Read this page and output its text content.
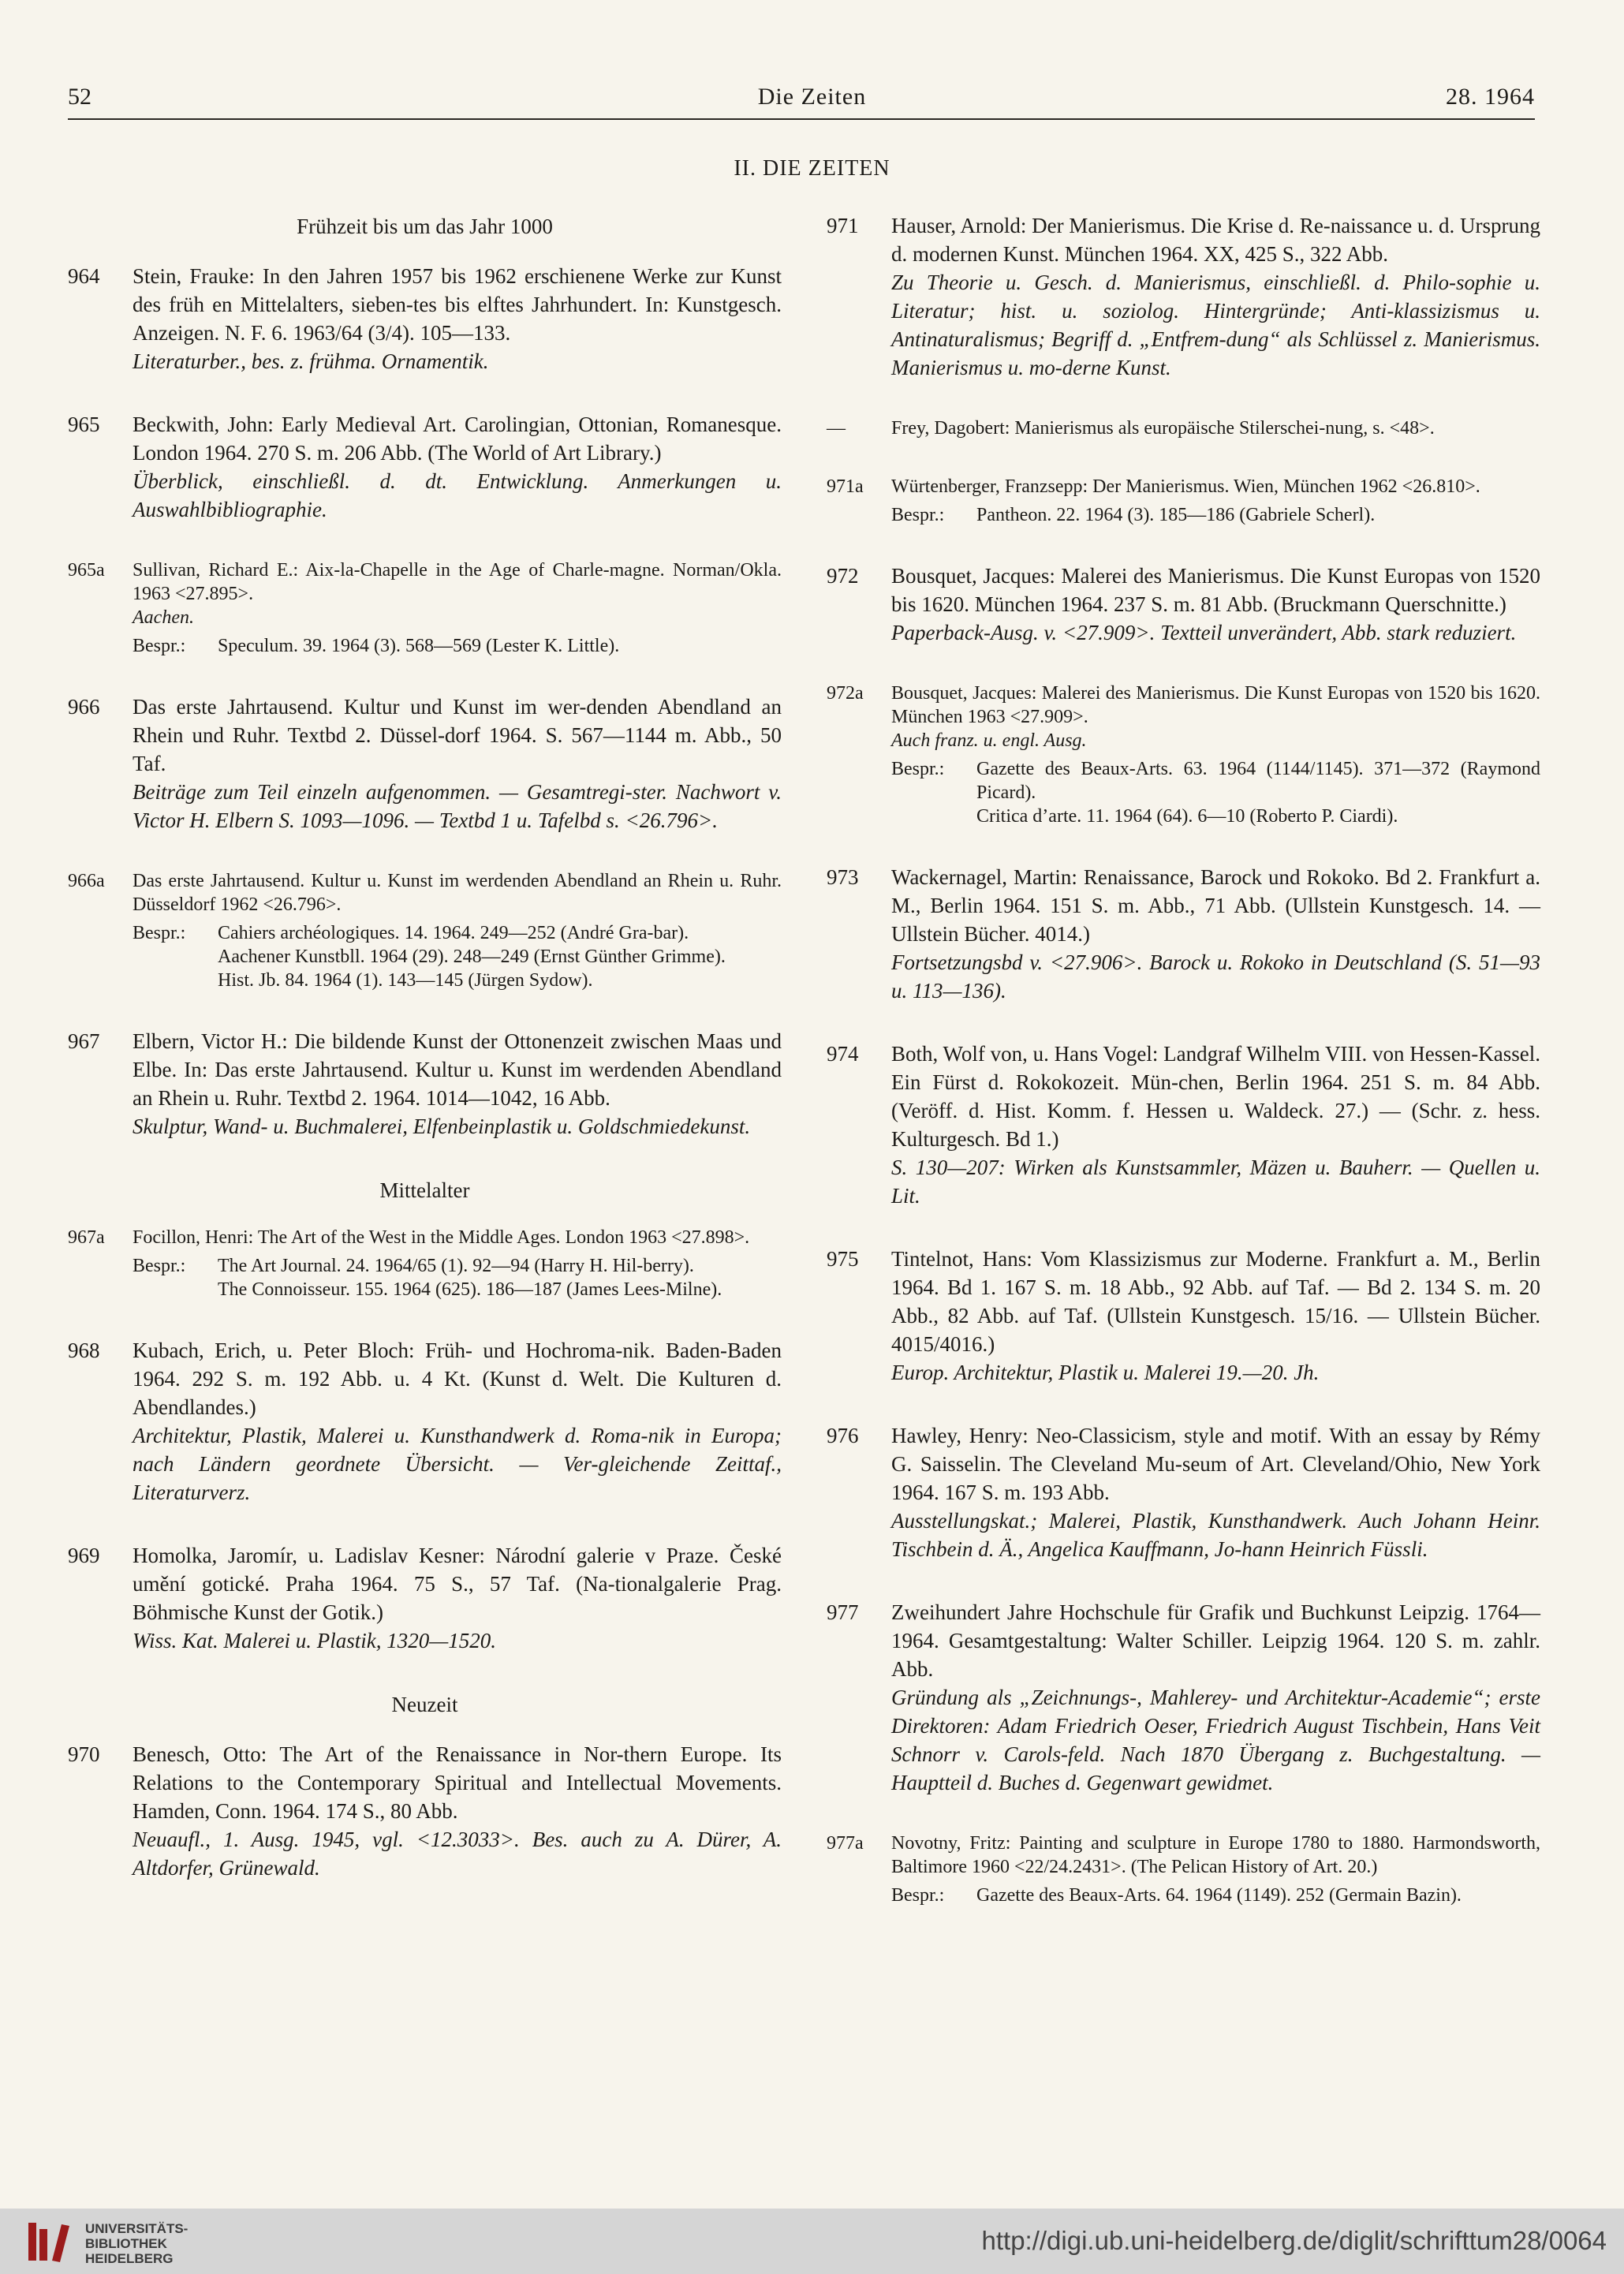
52	Die Zeiten	28. 1964
II. DIE ZEITEN
Frühzeit bis um das Jahr 1000
964	Stein, Frauke: In den Jahren 1957 bis 1962 erschienene Werke zur Kunst des früh en Mittelalters, sieben-tes bis elftes Jahrhundert. In: Kunstgesch. Anzeigen. N. F. 6. 1963/64 (3/4). 105—133.
Literaturber., bes. z. frühma. Ornamentik.
965	Beckwith, John: Early Medieval Art. Carolingian, Ottonian, Romanesque. London 1964. 270 S. m. 206 Abb. (The World of Art Library.)
Überblick, einschließl. d. dt. Entwicklung. Anmerkungen u. Auswahlbibliographie.
965a	Sullivan, Richard E.: Aix-la-Chapelle in the Age of Charle-magne. Norman/Okla. 1963 <27.895>.
Aachen.
Bespr.:	Speculum. 39. 1964 (3). 568—569 (Lester K. Little).
966	Das erste Jahrtausend. Kultur und Kunst im wer-denden Abendland an Rhein und Ruhr. Textbd 2. Düssel-dorf 1964. S. 567—1144 m. Abb., 50 Taf.
Beiträge zum Teil einzeln aufgenommen. — Gesamtregi-ster. Nachwort v. Victor H. Elbern S. 1093—1096. — Textbd 1 u. Tafelbd s. <26.796>.
966a	Das erste Jahrtausend. Kultur u. Kunst im werdenden Abendland an Rhein u. Ruhr. Düsseldorf 1962 <26.796>.
Bespr.:	Cahiers archéologiques. 14. 1964. 249—252 (André Gra-bar).
Aachener Kunstbll. 1964 (29). 248—249 (Ernst Günther Grimme).
Hist. Jb. 84. 1964 (1). 143—145 (Jürgen Sydow).
967	Elbern, Victor H.: Die bildende Kunst der Ottonenzeit zwischen Maas und Elbe. In: Das erste Jahrtausend. Kultur u. Kunst im werdenden Abendland an Rhein u. Ruhr. Textbd 2. 1964. 1014—1042, 16 Abb.
Skulptur, Wand- u. Buchmalerei, Elfenbeinplastik u. Goldschmiedekunst.
Mittelalter
967a	Focillon, Henri: The Art of the West in the Middle Ages. London 1963 <27.898>.
Bespr.:	The Art Journal. 24. 1964/65 (1). 92—94 (Harry H. Hil-berry).
The Connoisseur. 155. 1964 (625). 186—187 (James Lees-Milne).
968	Kubach, Erich, u. Peter Bloch: Früh- und Hochroma-nik. Baden-Baden 1964. 292 S. m. 192 Abb. u. 4 Kt. (Kunst d. Welt. Die Kulturen d. Abendlandes.)
Architektur, Plastik, Malerei u. Kunsthandwerk d. Roma-nik in Europa; nach Ländern geordnete Übersicht. — Ver-gleichende Zeittaf., Literaturverz.
969	Homolka, Jaromír, u. Ladislav Kesner: Národní galerie v Praze. České umění gotické. Praha 1964. 75 S., 57 Taf. (Na-tionalgalerie Prag. Böhmische Kunst der Gotik.)
Wiss. Kat. Malerei u. Plastik, 1320—1520.
Neuzeit
970	Benesch, Otto: The Art of the Renaissance in Nor-thern Europe. Its Relations to the Contemporary Spiritual and Intellectual Movements. Hamden, Conn. 1964. 174 S., 80 Abb.
Neuaufl., 1. Ausg. 1945, vgl. <12.3033>. Bes. auch zu A. Dürer, A. Altdorfer, Grünewald.
971	Hauser, Arnold: Der Manierismus. Die Krise d. Re-naissance u. d. Ursprung d. modernen Kunst. München 1964. XX, 425 S., 322 Abb.
Zu Theorie u. Gesch. d. Manierismus, einschließl. d. Philo-sophie u. Literatur; hist. u. soziolog. Hintergründe; Anti-klassizismus u. Antinaturalismus; Begriff d. „Entfrem-dung“ als Schlüssel z. Manierismus. Manierismus u. mo-derne Kunst.
—	Frey, Dagobert: Manierismus als europäische Stilerschei-nung, s. <48>.
971a	Würtenberger, Franzsepp: Der Manierismus. Wien, München 1962 <26.810>.
Bespr.:	Pantheon. 22. 1964 (3). 185—186 (Gabriele Scherl).
972	Bousquet, Jacques: Malerei des Manierismus. Die Kunst Europas von 1520 bis 1620. München 1964. 237 S. m. 81 Abb. (Bruckmann Querschnitte.)
Paperback-Ausg. v. <27.909>. Textteil unverändert, Abb. stark reduziert.
972a	Bousquet, Jacques: Malerei des Manierismus. Die Kunst Europas von 1520 bis 1620. München 1963 <27.909>.
Auch franz. u. engl. Ausg.
Bespr.:	Gazette des Beaux-Arts. 63. 1964 (1144/1145). 371—372 (Raymond Picard).
Critica d’arte. 11. 1964 (64). 6—10 (Roberto P. Ciardi).
973	Wackernagel, Martin: Renaissance, Barock und Rokoko. Bd 2. Frankfurt a. M., Berlin 1964. 151 S. m. Abb., 71 Abb. (Ullstein Kunstgesch. 14. — Ullstein Bücher. 4014.)
Fortsetzungsbd v. <27.906>. Barock u. Rokoko in Deutschland (S. 51—93 u. 113—136).
974	Both, Wolf von, u. Hans Vogel: Landgraf Wilhelm VIII. von Hessen-Kassel. Ein Fürst d. Rokokozeit. Mün-chen, Berlin 1964. 251 S. m. 84 Abb. (Veröff. d. Hist. Komm. f. Hessen u. Waldeck. 27.) — (Schr. z. hess. Kulturgesch. Bd 1.)
S. 130—207: Wirken als Kunstsammler, Mäzen u. Bauherr. — Quellen u. Lit.
975	Tintelnot, Hans: Vom Klassizismus zur Moderne. Frankfurt a. M., Berlin 1964. Bd 1. 167 S. m. 18 Abb., 92 Abb. auf Taf. — Bd 2. 134 S. m. 20 Abb., 82 Abb. auf Taf. (Ullstein Kunstgesch. 15/16. — Ullstein Bücher. 4015/4016.)
Europ. Architektur, Plastik u. Malerei 19.—20. Jh.
976	Hawley, Henry: Neo-Classicism, style and motif. With an essay by Rémy G. Saisselin. The Cleveland Mu-seum of Art. Cleveland/Ohio, New York 1964. 167 S. m. 193 Abb.
Ausstellungskat.; Malerei, Plastik, Kunsthandwerk. Auch Johann Heinr. Tischbein d. Ä., Angelica Kauffmann, Jo-hann Heinrich Füssli.
977	Zweihundert Jahre Hochschule für Grafik und Buchkunst Leipzig. 1764—1964. Gesamtgestaltung: Walter Schiller. Leipzig 1964. 120 S. m. zahlr. Abb.
Gründung als „Zeichnungs-, Mahlerey- und Architektur-Academie“; erste Direktoren: Adam Friedrich Oeser, Friedrich August Tischbein, Hans Veit Schnorr v. Carols-feld. Nach 1870 Übergang z. Buchgestaltung. — Hauptteil d. Buches d. Gegenwart gewidmet.
977a	Novotny, Fritz: Painting and sculpture in Europe 1780 to 1880. Harmondsworth, Baltimore 1960 <22/24.2431>. (The Pelican History of Art. 20.)
Bespr.:	Gazette des Beaux-Arts. 64. 1964 (1149). 252 (Germain Bazin).
UNIVERSITÄTS-
BIBLIOTHEK
HEIDELBERG
http://digi.ub.uni-heidelberg.de/diglit/schrifttum28/0064
